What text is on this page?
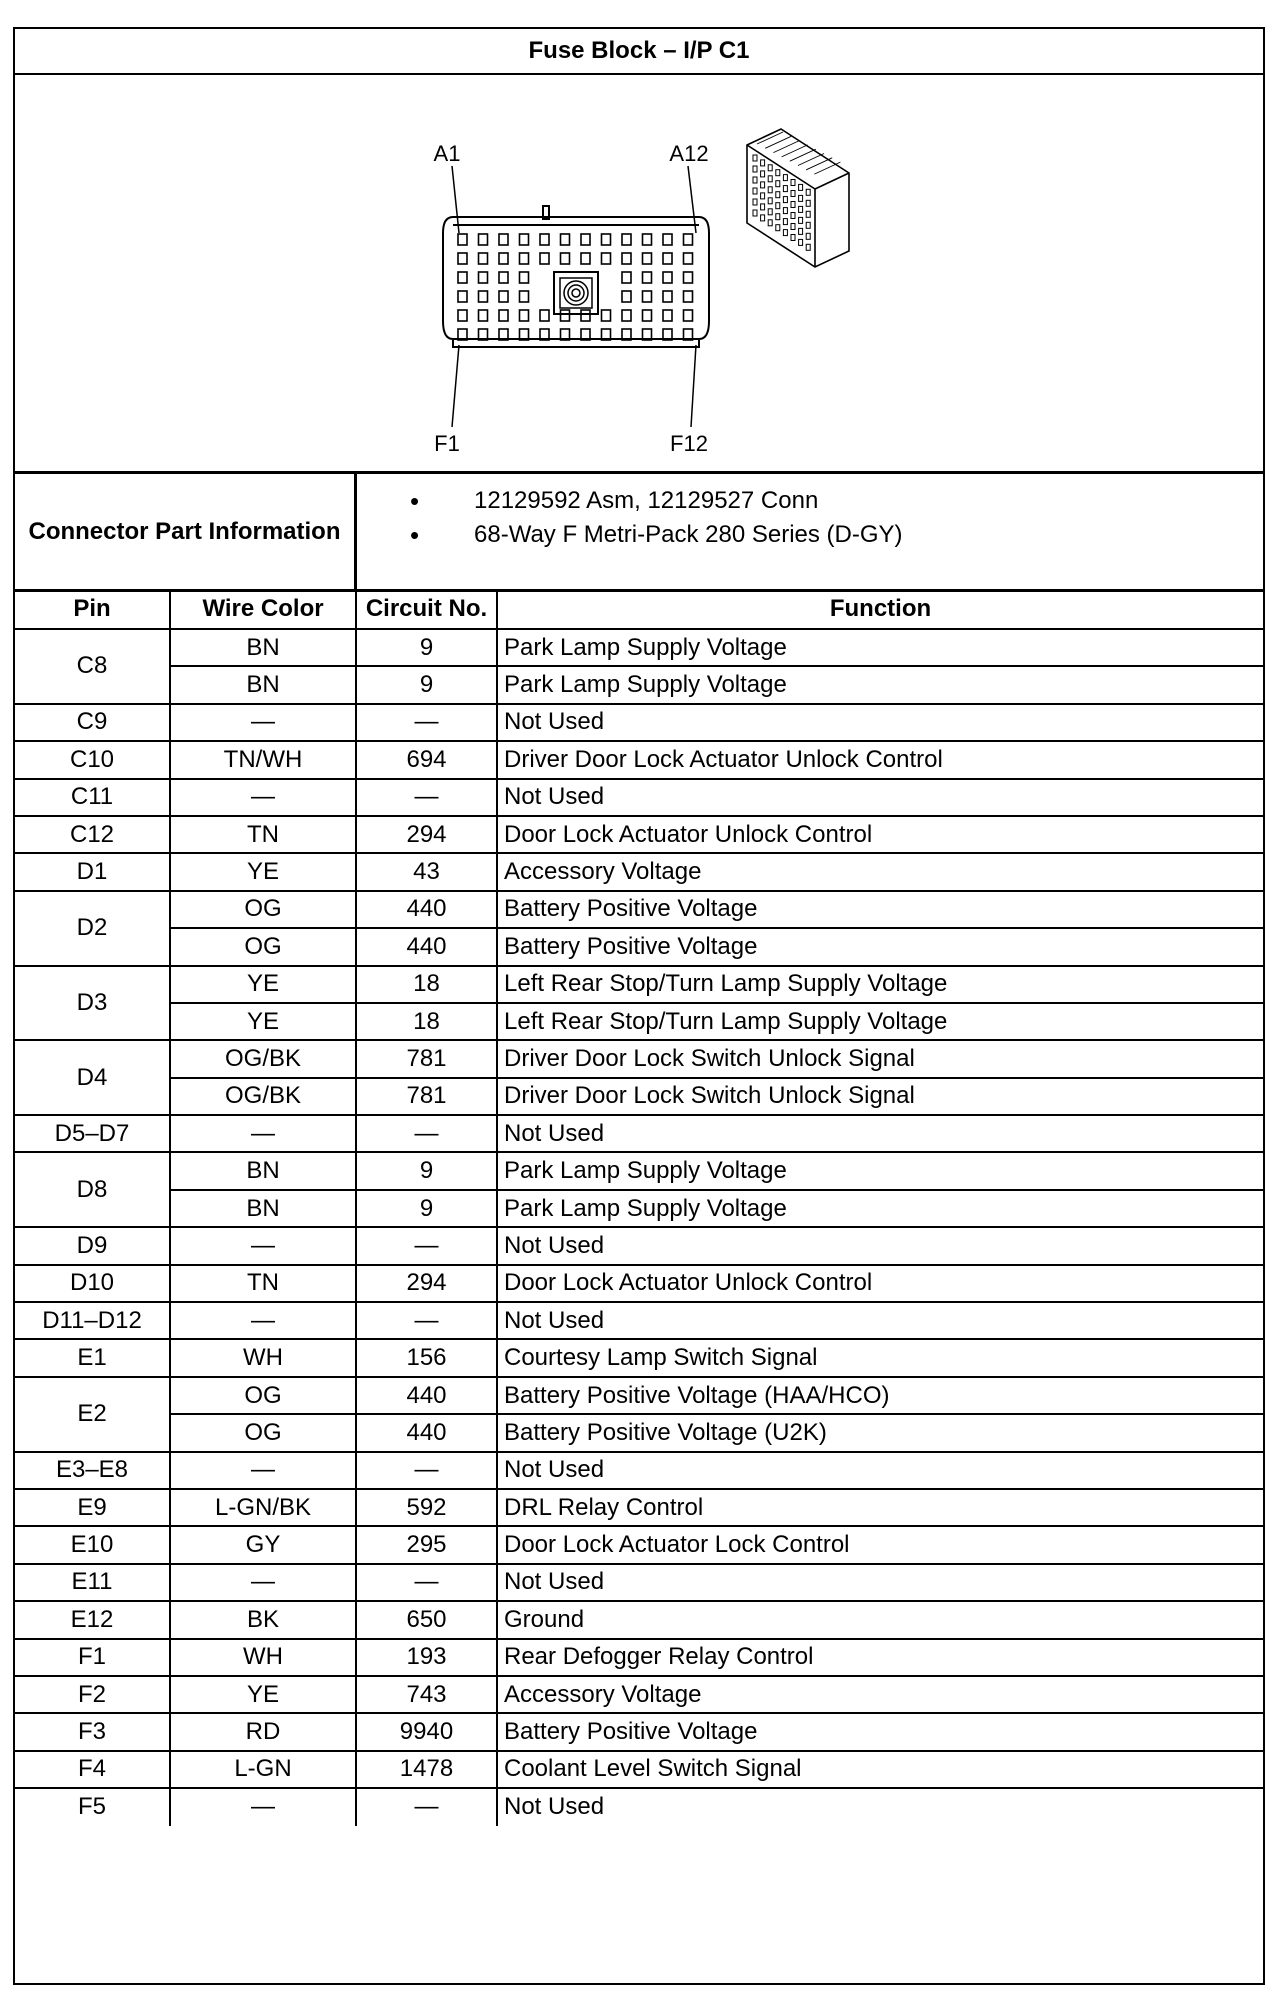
Fuse Block – I/P C1
A1	A12
F1	F12
Connector Part Information
• 12129592 Asm, 12129527 Conn
• 68-Way F Metri-Pack 280 Series (D-GY)
Pin	Wire Color	Circuit No.	Function
C8	BN	9	Park Lamp Supply Voltage
	BN	9	Park Lamp Supply Voltage
C9	—	—	Not Used
C10	TN/WH	694	Driver Door Lock Actuator Unlock Control
C11	—	—	Not Used
C12	TN	294	Door Lock Actuator Unlock Control
D1	YE	43	Accessory Voltage
D2	OG	440	Battery Positive Voltage
	OG	440	Battery Positive Voltage
D3	YE	18	Left Rear Stop/Turn Lamp Supply Voltage
	YE	18	Left Rear Stop/Turn Lamp Supply Voltage
D4	OG/BK	781	Driver Door Lock Switch Unlock Signal
	OG/BK	781	Driver Door Lock Switch Unlock Signal
D5–D7	—	—	Not Used
D8	BN	9	Park Lamp Supply Voltage
	BN	9	Park Lamp Supply Voltage
D9	—	—	Not Used
D10	TN	294	Door Lock Actuator Unlock Control
D11–D12	—	—	Not Used
E1	WH	156	Courtesy Lamp Switch Signal
E2	OG	440	Battery Positive Voltage (HAA/HCO)
	OG	440	Battery Positive Voltage (U2K)
E3–E8	—	—	Not Used
E9	L-GN/BK	592	DRL Relay Control
E10	GY	295	Door Lock Actuator Lock Control
E11	—	—	Not Used
E12	BK	650	Ground
F1	WH	193	Rear Defogger Relay Control
F2	YE	743	Accessory Voltage
F3	RD	9940	Battery Positive Voltage
F4	L-GN	1478	Coolant Level Switch Signal
F5	—	—	Not Used
